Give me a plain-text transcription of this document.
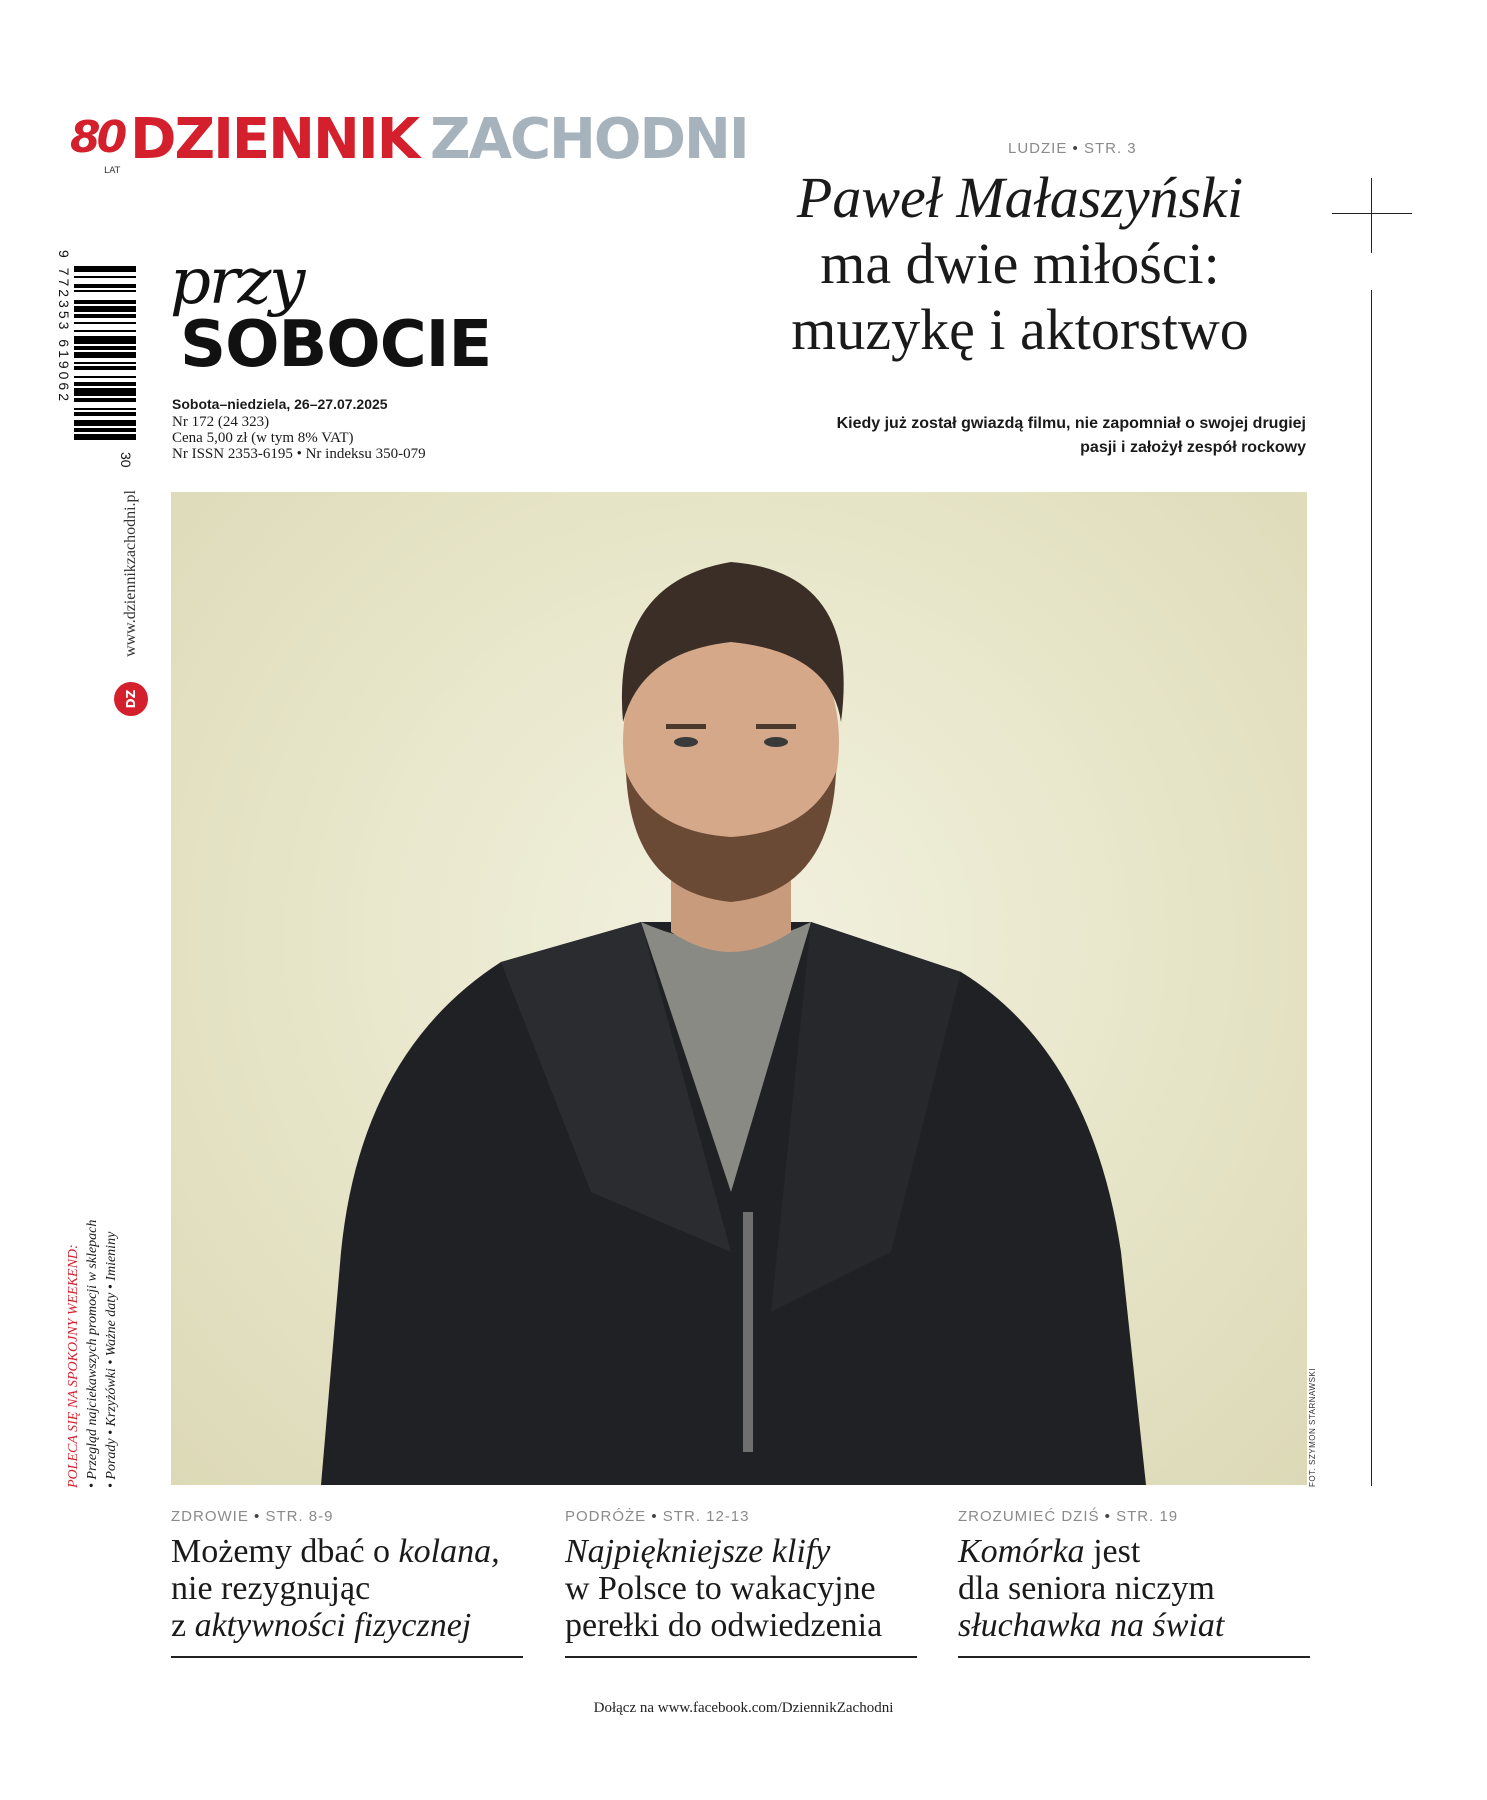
80
LAT DZIENNIK ZACHODNI
9 772353 619062
30
przy
SOBOCIE
Sobota–niedziela, 26–27.07.2025
Nr 172 (24 323)
Cena 5,00 zł (w tym 8% VAT)
Nr ISSN 2353-6195 • Nr indeksu 350-079
LUDZIE • STR. 3
Paweł Małaszyński
ma dwie miłości:
muzykę i aktorstwo
Kiedy już został gwiazdą filmu, nie zapomniał o swojej drugiej
pasji i założył zespół rockowy
FOT. SZYMON STARNAWSKI
www.dziennikzachodni.pl
DZ
POLECA SIĘ NA SPOKOJNY WEEKEND: • Przegląd najciekawszych promocji w sklepach • Porady • Krzyżówki • Ważne daty • Imieniny
ZDROWIE • STR. 8-9
Możemy dbać o kolana,
nie rezygnując
z aktywności fizycznej
PODRÓŻE • STR. 12-13
Najpiękniejsze klify
w Polsce to wakacyjne
perełki do odwiedzenia
ZROZUMIEĆ DZIŚ • STR. 19
Komórka jest
dla seniora niczym
słuchawka na świat
Dołącz na www.facebook.com/DziennikZachodni
